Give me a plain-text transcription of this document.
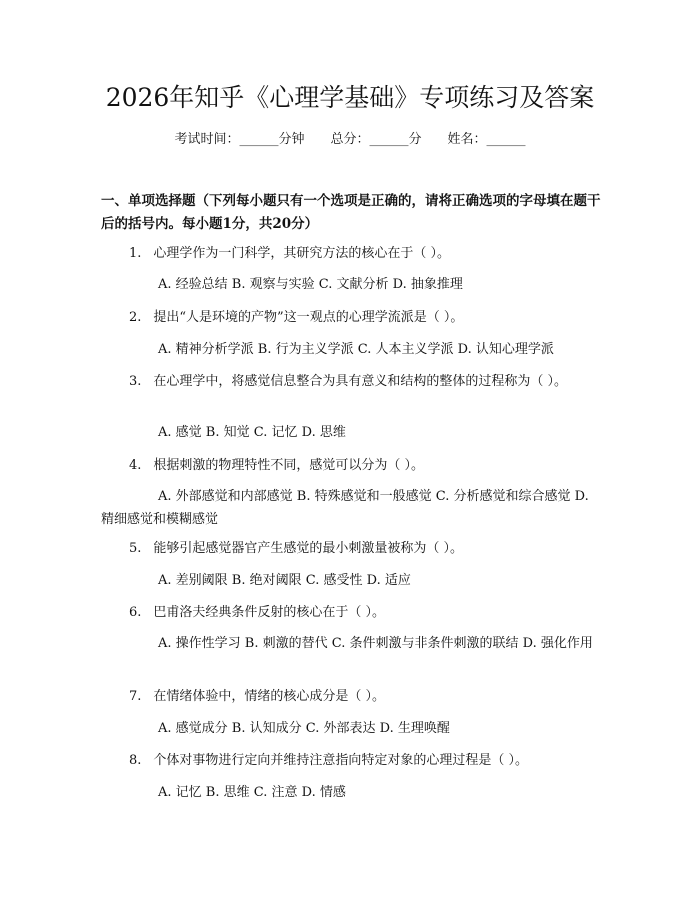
2026年知乎《心理学基础》专项练习及答案
考试时间：______分钟　　总分：______分　　姓名：______
一、单项选择题（下列每小题只有一个选项是正确的，请将正确选项的字母填在题干后的括号内。每小题1分，共20分）
1. 心理学作为一门科学，其研究方法的核心在于（ ）。
A. 经验总结 B. 观察与实验 C. 文献分析 D. 抽象推理
2. 提出“人是环境的产物”这一观点的心理学流派是（ ）。
A. 精神分析学派 B. 行为主义学派 C. 人本主义学派 D. 认知心理学派
3. 在心理学中，将感觉信息整合为具有意义和结构的整体的过程称为（ ）。
A. 感觉 B. 知觉 C. 记忆 D. 思维
4. 根据刺激的物理特性不同，感觉可以分为（ ）。
A. 外部感觉和内部感觉 B. 特殊感觉和一般感觉 C. 分析感觉和综合感觉 D. 精细感觉和模糊感觉
5. 能够引起感觉器官产生感觉的最小刺激量被称为（ ）。
A. 差别阈限 B. 绝对阈限 C. 感受性 D. 适应
6. 巴甫洛夫经典条件反射的核心在于（ ）。
A. 操作性学习 B. 刺激的替代 C. 条件刺激与非条件刺激的联结 D. 强化作用
7. 在情绪体验中，情绪的核心成分是（ ）。
A. 感觉成分 B. 认知成分 C. 外部表达 D. 生理唤醒
8. 个体对事物进行定向并维持注意指向特定对象的心理过程是（ ）。
A. 记忆 B. 思维 C. 注意 D. 情感
